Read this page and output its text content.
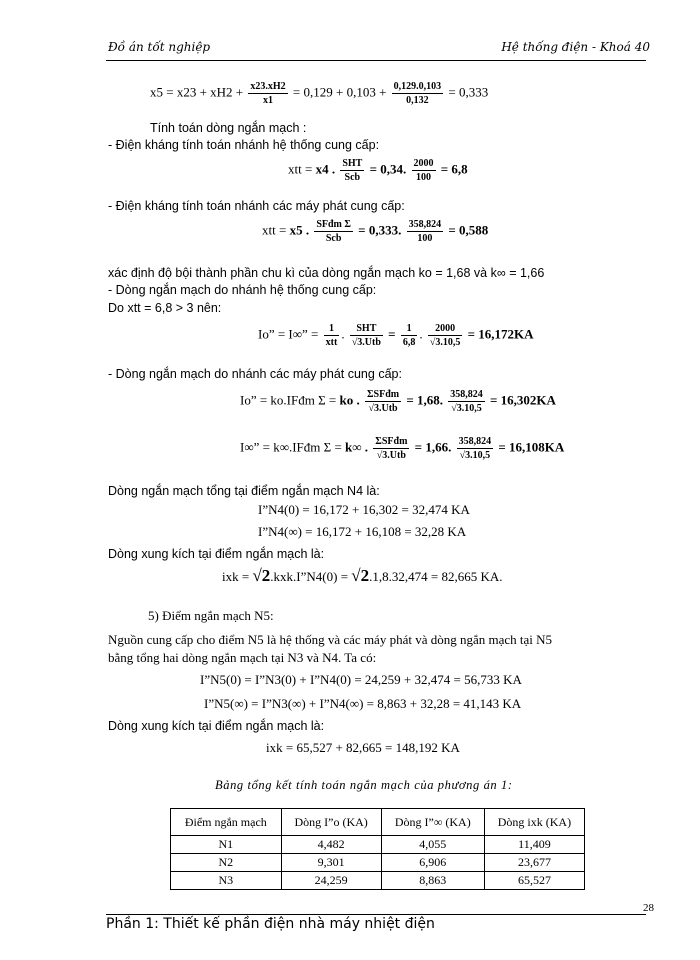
Đồ án tốt nghiệp	Hệ thống điện - Khoá 40
$x5 = x23 + xH2 + \frac{x23.xH2}{x1} = 0,129 + 0,103 + \frac{0,129.0,103}{0,132} = 0,333$
Tính toán dòng ngắn mạch :
- Điện kháng tính toán nhánh hệ thống cung cấp:
xtt = x4 . $\frac{\text{SHT}}{\text{Scb}} = 0,34$. $\frac{2000}{100} = 6,8$
- Điện kháng tính toán nhánh các máy phát cung cấp:
xtt = x5 . $\frac{\text{SFđm Σ}}{\text{Scb}} = 0,333$. $\frac{358,824}{100} = 0,588$
xác định độ bội thành phần chu kì của dòng ngắn mạch ko = 1,68 và k∞ = 1,66
- Dòng ngắn mạch do nhánh hệ thống cung cấp:
Do xtt = 6,8 > 3 nên:
Io” = I∞” = $\frac{1}{\text{xtt}}$ . $\frac{\text{SHT}}{\text{√3.Utb}} = \frac{1}{6,8}$ . $\frac{2000}{√3.10,5} = 16,172KA$
- Dòng ngắn mạch do nhánh các máy phát cung cấp:
Io” = ko.IFđm Σ = ko . $\frac{\text{ΣSFđm}}{\text{√3.Utb}} = 1,68$. $\frac{358,824}{√3.10,5} = 16,302KA$
I∞” = k∞.IFđm Σ = k∞ . $\frac{\text{ΣSFđm}}{\text{√3.Utb}} = 1,66$. $\frac{358,824}{√3.10,5} = 16,108KA$
Dòng ngắn mạch tổng tại điểm ngắn mạch N4 là:
I”N4(0) = 16,172 + 16,302 = 32,474 KA
I”N4(∞) = 16,172 + 16,108 = 32,28 KA
Dòng xung kích tại điểm ngắn mạch là:
ixk = √2.kxk.I”N4(0) = √2.1,8.32,474 = 82,665 KA.
5) Điểm ngắn mạch N5:
Nguồn cung cấp cho điểm N5 là hệ thống và các máy phát và dòng ngắn mạch tại N5
bằng tổng hai dòng ngắn mạch tại N3 và N4. Ta có:
I”N5(0) = I”N3(0) + I”N4(0) = 24,259 + 32,474 = 56,733 KA
I”N5(∞) = I”N3(∞) + I”N4(∞) = 8,863 + 32,28 = 41,143 KA
Dòng xung kích tại điểm ngắn mạch là:
ixk = 65,527 + 82,665 = 148,192 KA
Bảng tổng kết tính toán ngắn mạch của phương án 1:
Điểm ngắn mạch	Dòng I”o (KA)	Dòng I”∞ (KA)	Dòng ixk (KA)
N1	4,482	4,055	11,409
N2	9,301	6,906	23,677
N3	24,259	8,863	65,527
28
Phần 1: Thiết kế phần điện nhà máy nhiệt điện
